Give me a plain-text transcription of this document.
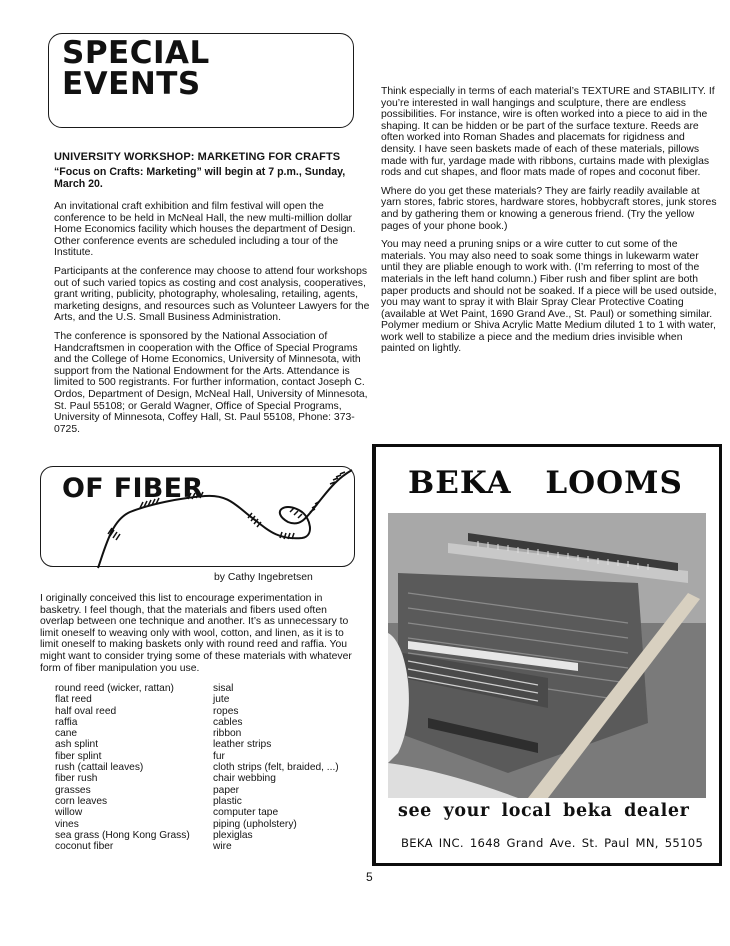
SPECIAL
EVENTS
UNIVERSITY WORKSHOP: MARKETING FOR CRAFTS
“Focus on Crafts: Marketing” will begin at 7 p.m., Sunday, March 20.

An invitational craft exhibition and film festival will open the conference to be held in McNeal Hall, the new multi-million dollar Home Economics facility which houses the department of Design. Other conference events are scheduled including a tour of the Institute.

Participants at the conference may choose to attend four workshops out of such varied topics as costing and cost analysis, cooperatives, grant writing, publicity, photography, wholesaling, retailing, agents, marketing designs, and resources such as Volunteer Lawyers for the Arts, and the U.S. Small Business Administration.

The conference is sponsored by the National Association of Handcraftsmen in cooperation with the Office of Special Programs and the College of Home Economics, University of Minnesota, with support from the National Endowment for the Arts. Attendance is limited to 500 registrants. For further information, contact Joseph C. Ordos, Department of Design, McNeal Hall, University of Minnesota, St. Paul 55108; or Gerald Wagner, Office of Special Programs, University of Minnesota, Coffey Hall, St. Paul 55108, Phone: 373-0725.

Think especially in terms of each material’s TEXTURE and STABILITY. If you’re interested in wall hangings and sculpture, there are endless possibilities. For instance, wire is often worked into a piece to aid in the shaping. It can be hidden or be part of the surface texture. Reeds are often worked into Roman Shades and placemats for rigidness and density. I have seen baskets made of each of these materials, pillows made with fur, yardage made with ribbons, curtains made with plexiglas rods and cut shapes, and floor mats made of ropes and coconut fiber.

Where do you get these materials? They are fairly readily available at yarn stores, fabric stores, hardware stores, hobbycraft stores, junk stores and by gathering them or knowing a generous friend. (Try the yellow pages of your phone book.)

You may need a pruning snips or a wire cutter to cut some of the materials. You may also need to soak some things in lukewarm water until they are pliable enough to work with. (I’m referring to most of the materials in the left hand column.) Fiber rush and fiber splint are both paper products and should not be soaked. If a piece will be used outside, you may want to spray it with Blair Spray Clear Protective Coating (available at Wet Paint, 1690 Grand Ave., St. Paul) or something similar. Polymer medium or Shiva Acrylic Matte Medium diluted 1 to 1 with water, work well to stabilize a piece and the medium dries invisible when painted on lightly.

OF FIBER
by Cathy Ingebretsen
I originally conceived this list to encourage experimentation in basketry. I feel though, that the materials and fibers used often overlap between one technique and another. It’s as unnecessary to limit oneself to weaving only with wool, cotton, and linen, as it is to limit oneself to making baskets only with round reed and raffia. You might want to consider trying some of these materials with whatever form of fiber manipulation you use.
round reed (wicker, rattan)
flat reed
half oval reed
raffia
cane
ash splint
fiber splint
rush (cattail leaves)
fiber rush
grasses
corn leaves
willow
vines
sea grass (Hong Kong Grass)
coconut fiber
sisal
jute
ropes
cables
ribbon
leather strips
fur
cloth strips (felt, braided, ...)
chair webbing
paper
plastic
computer tape
piping (upholstery)
plexiglas
wire
BEKA LOOMS
see your local beka dealer
BEKA INC. 1648 Grand Ave. St. Paul MN, 55105
5
